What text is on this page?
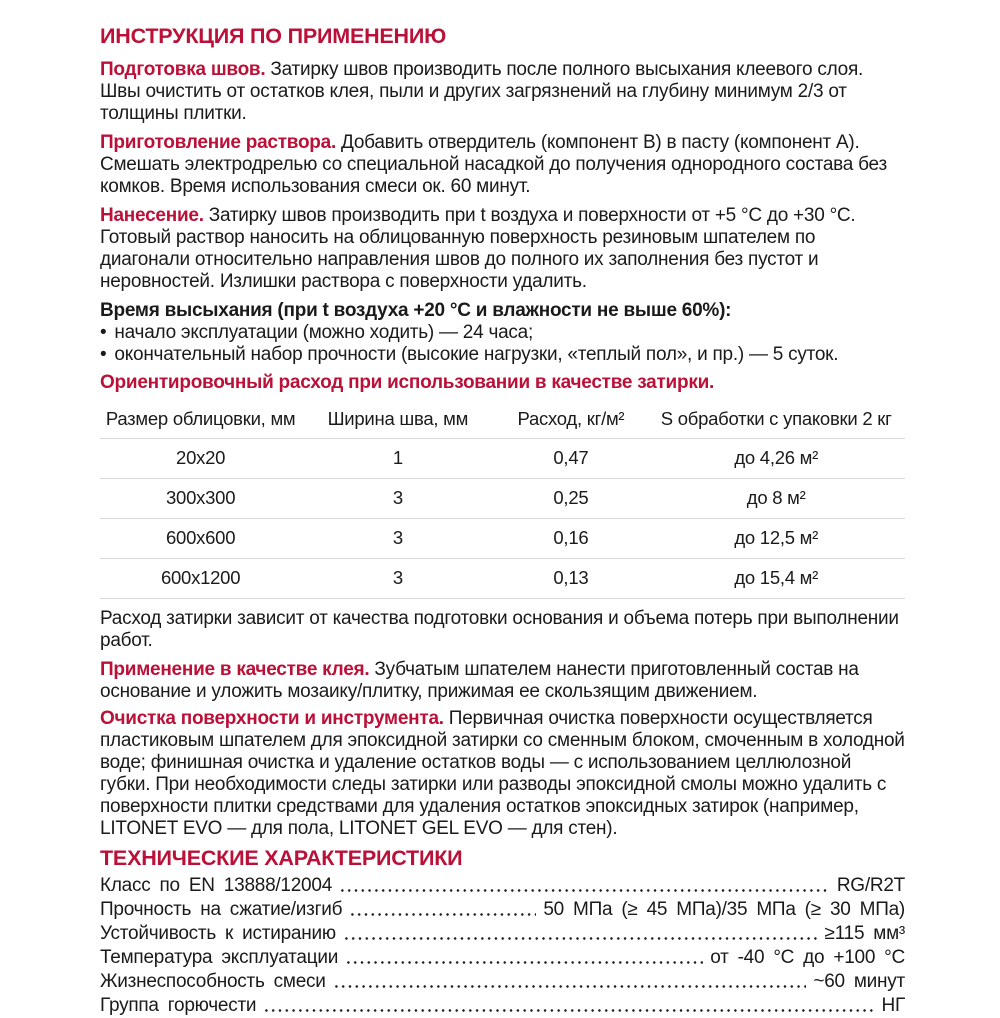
ИНСТРУКЦИЯ ПО ПРИМЕНЕНИЮ

Подготовка швов. Затирку швов производить после полного высыхания клеевого слоя. Швы очистить от остатков клея, пыли и других загрязнений на глубину минимум 2/3 от толщины плитки.

Приготовление раствора. Добавить отвердитель (компонент B) в пасту (компонент A). Смешать электродрелью со специальной насадкой до получения однородного состава без комков. Время использования смеси ок. 60 минут.

Нанесение. Затирку швов производить при t воздуха и поверхности от +5 °C до +30 °C. Готовый раствор наносить на облицованную поверхность резиновым шпателем по диагонали относительно направления швов до полного их заполнения без пустот и неровностей. Излишки раствора с поверхности удалить.

Время высыхания (при t воздуха +20 °C и влажности не выше 60%):
• начало эксплуатации (можно ходить) — 24 часа;
• окончательный набор прочности (высокие нагрузки, «теплый пол», и пр.) — 5 суток.
Ориентировочный расход при использовании в качестве затирки.
Размер облицовки, мм	Ширина шва, мм	Расход, кг/м²	S обработки с упаковки 2 кг
20x20	1	0,47	до 4,26 м²
300x300	3	0,25	до 8 м²
600x600	3	0,16	до 12,5 м²
600x1200	3	0,13	до 15,4 м²

Расход затирки зависит от качества подготовки основания и объема потерь при выполнении работ.

Применение в качестве клея. Зубчатым шпателем нанести приготовленный состав на основание и уложить мозаику/плитку, прижимая ее скользящим движением.

Очистка поверхности и инструмента. Первичная очистка поверхности осуществляется пластиковым шпателем для эпоксидной затирки со сменным блоком, смоченным в холодной воде; финишная очистка и удаление остатков воды — с использованием целлюлозной губки. При необходимости следы затирки или разводы эпоксидной смолы можно удалить с поверхности плитки средствами для удаления остатков эпоксидных затирок (например, LITONET EVO — для пола, LITONET GEL EVO — для стен).

ТЕХНИЧЕСКИЕ ХАРАКТЕРИСТИКИ
Класс по EN 13888/12004	RG/R2T
Прочность на сжатие/изгиб	50 МПа (≥ 45 МПа)/35 МПа (≥ 30 МПа)
Устойчивость к истиранию	≥115 мм³
Температура эксплуатации	от -40 °C до +100 °C
Жизнеспособность смеси	~60 минут
Группа горючести	НГ
